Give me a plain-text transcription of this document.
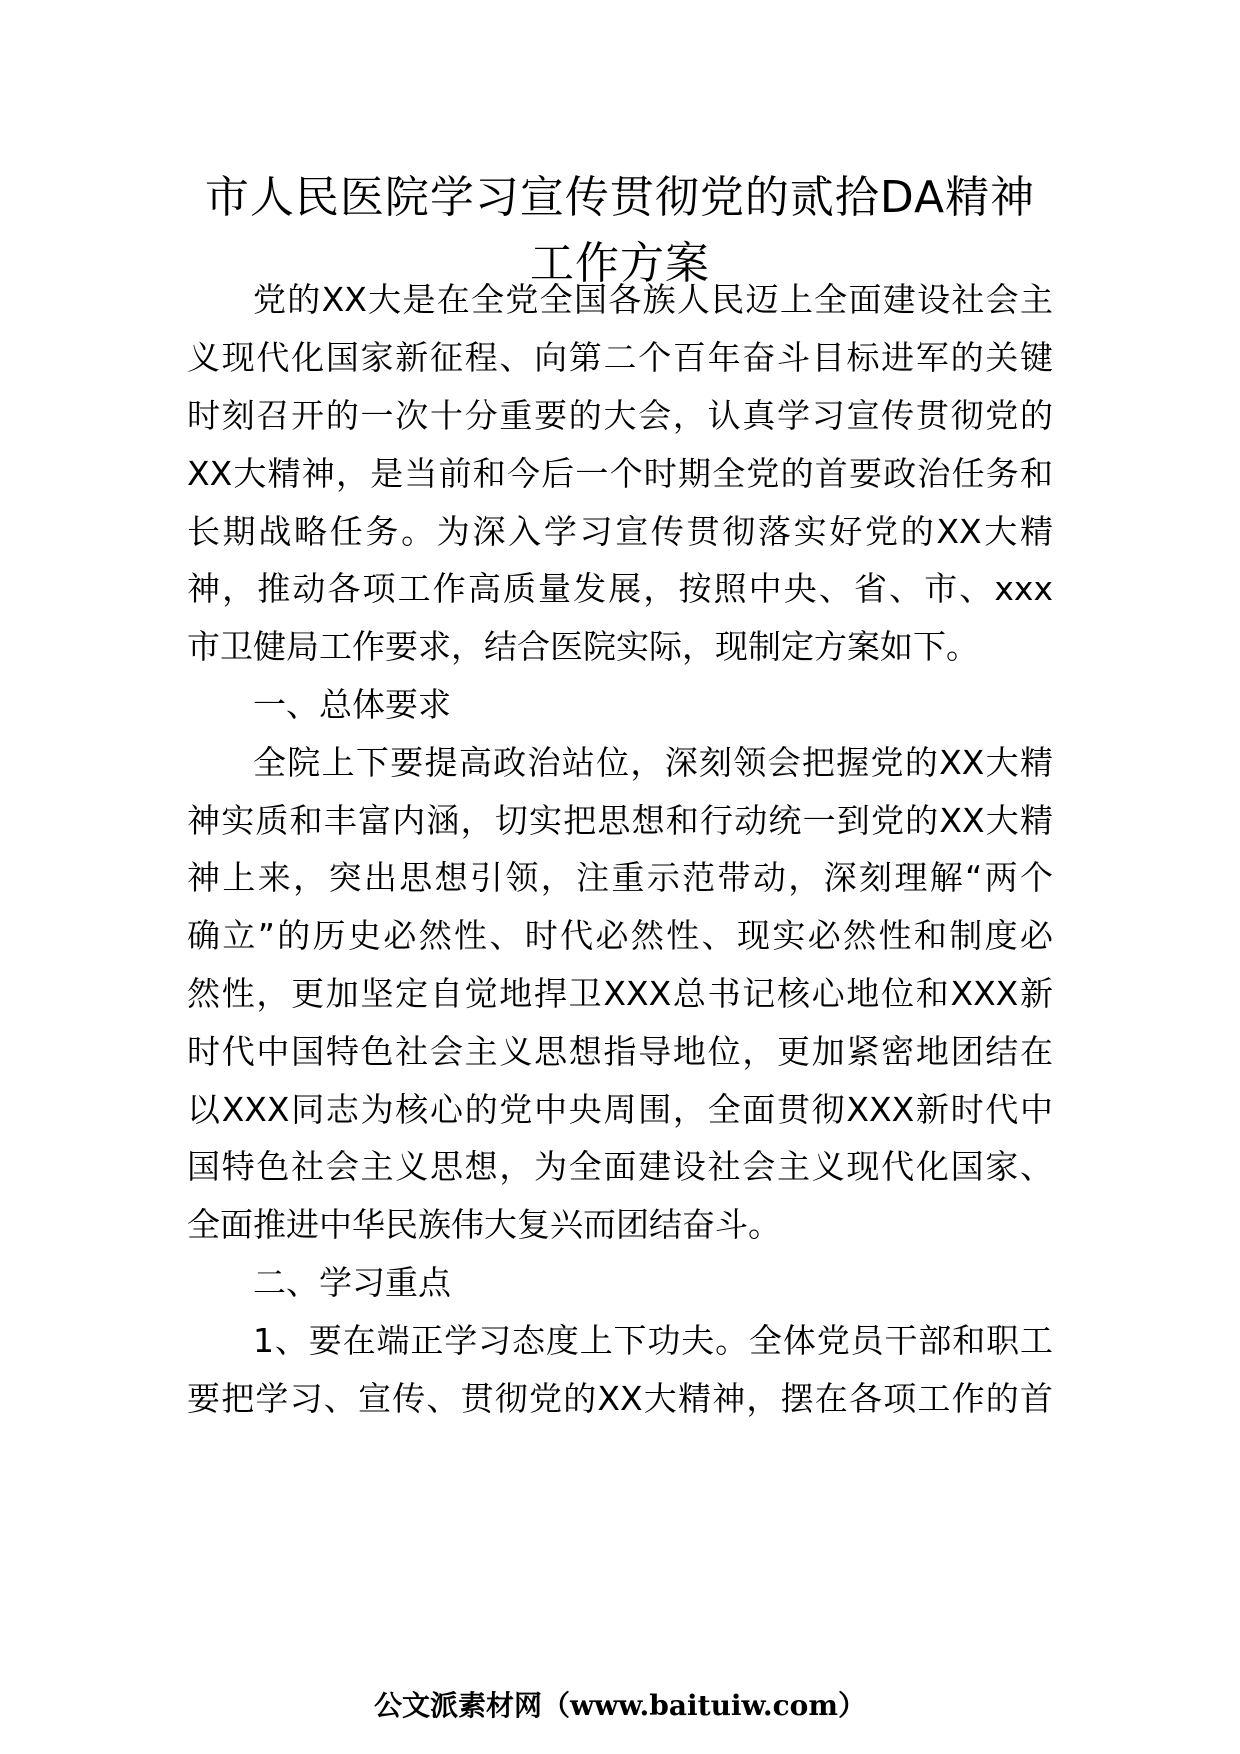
市人民医院学习宣传贯彻党的贰拾DA精神
工作方案
党的XX大是在全党全国各族人民迈上全面建设社会主
义现代化国家新征程、向第二个百年奋斗目标进军的关键
时刻召开的一次十分重要的大会，认真学习宣传贯彻党的
XX大精神，是当前和今后一个时期全党的首要政治任务和
长期战略任务。为深入学习宣传贯彻落实好党的XX大精
神，推动各项工作高质量发展，按照中央、省、市、xxx
市卫健局工作要求，结合医院实际，现制定方案如下。
一、总体要求
全院上下要提高政治站位，深刻领会把握党的XX大精
神实质和丰富内涵，切实把思想和行动统一到党的XX大精
神上来，突出思想引领，注重示范带动，深刻理解“两个
确立”的历史必然性、时代必然性、现实必然性和制度必
然性，更加坚定自觉地捍卫XXX总书记核心地位和XXX新
时代中国特色社会主义思想指导地位，更加紧密地团结在
以XXX同志为核心的党中央周围，全面贯彻XXX新时代中
国特色社会主义思想，为全面建设社会主义现代化国家、
全面推进中华民族伟大复兴而团结奋斗。
二、学习重点
1、要在端正学习态度上下功夫。全体党员干部和职工
要把学习、宣传、贯彻党的XX大精神，摆在各项工作的首
公文派素材网（www.baituiw.com）
